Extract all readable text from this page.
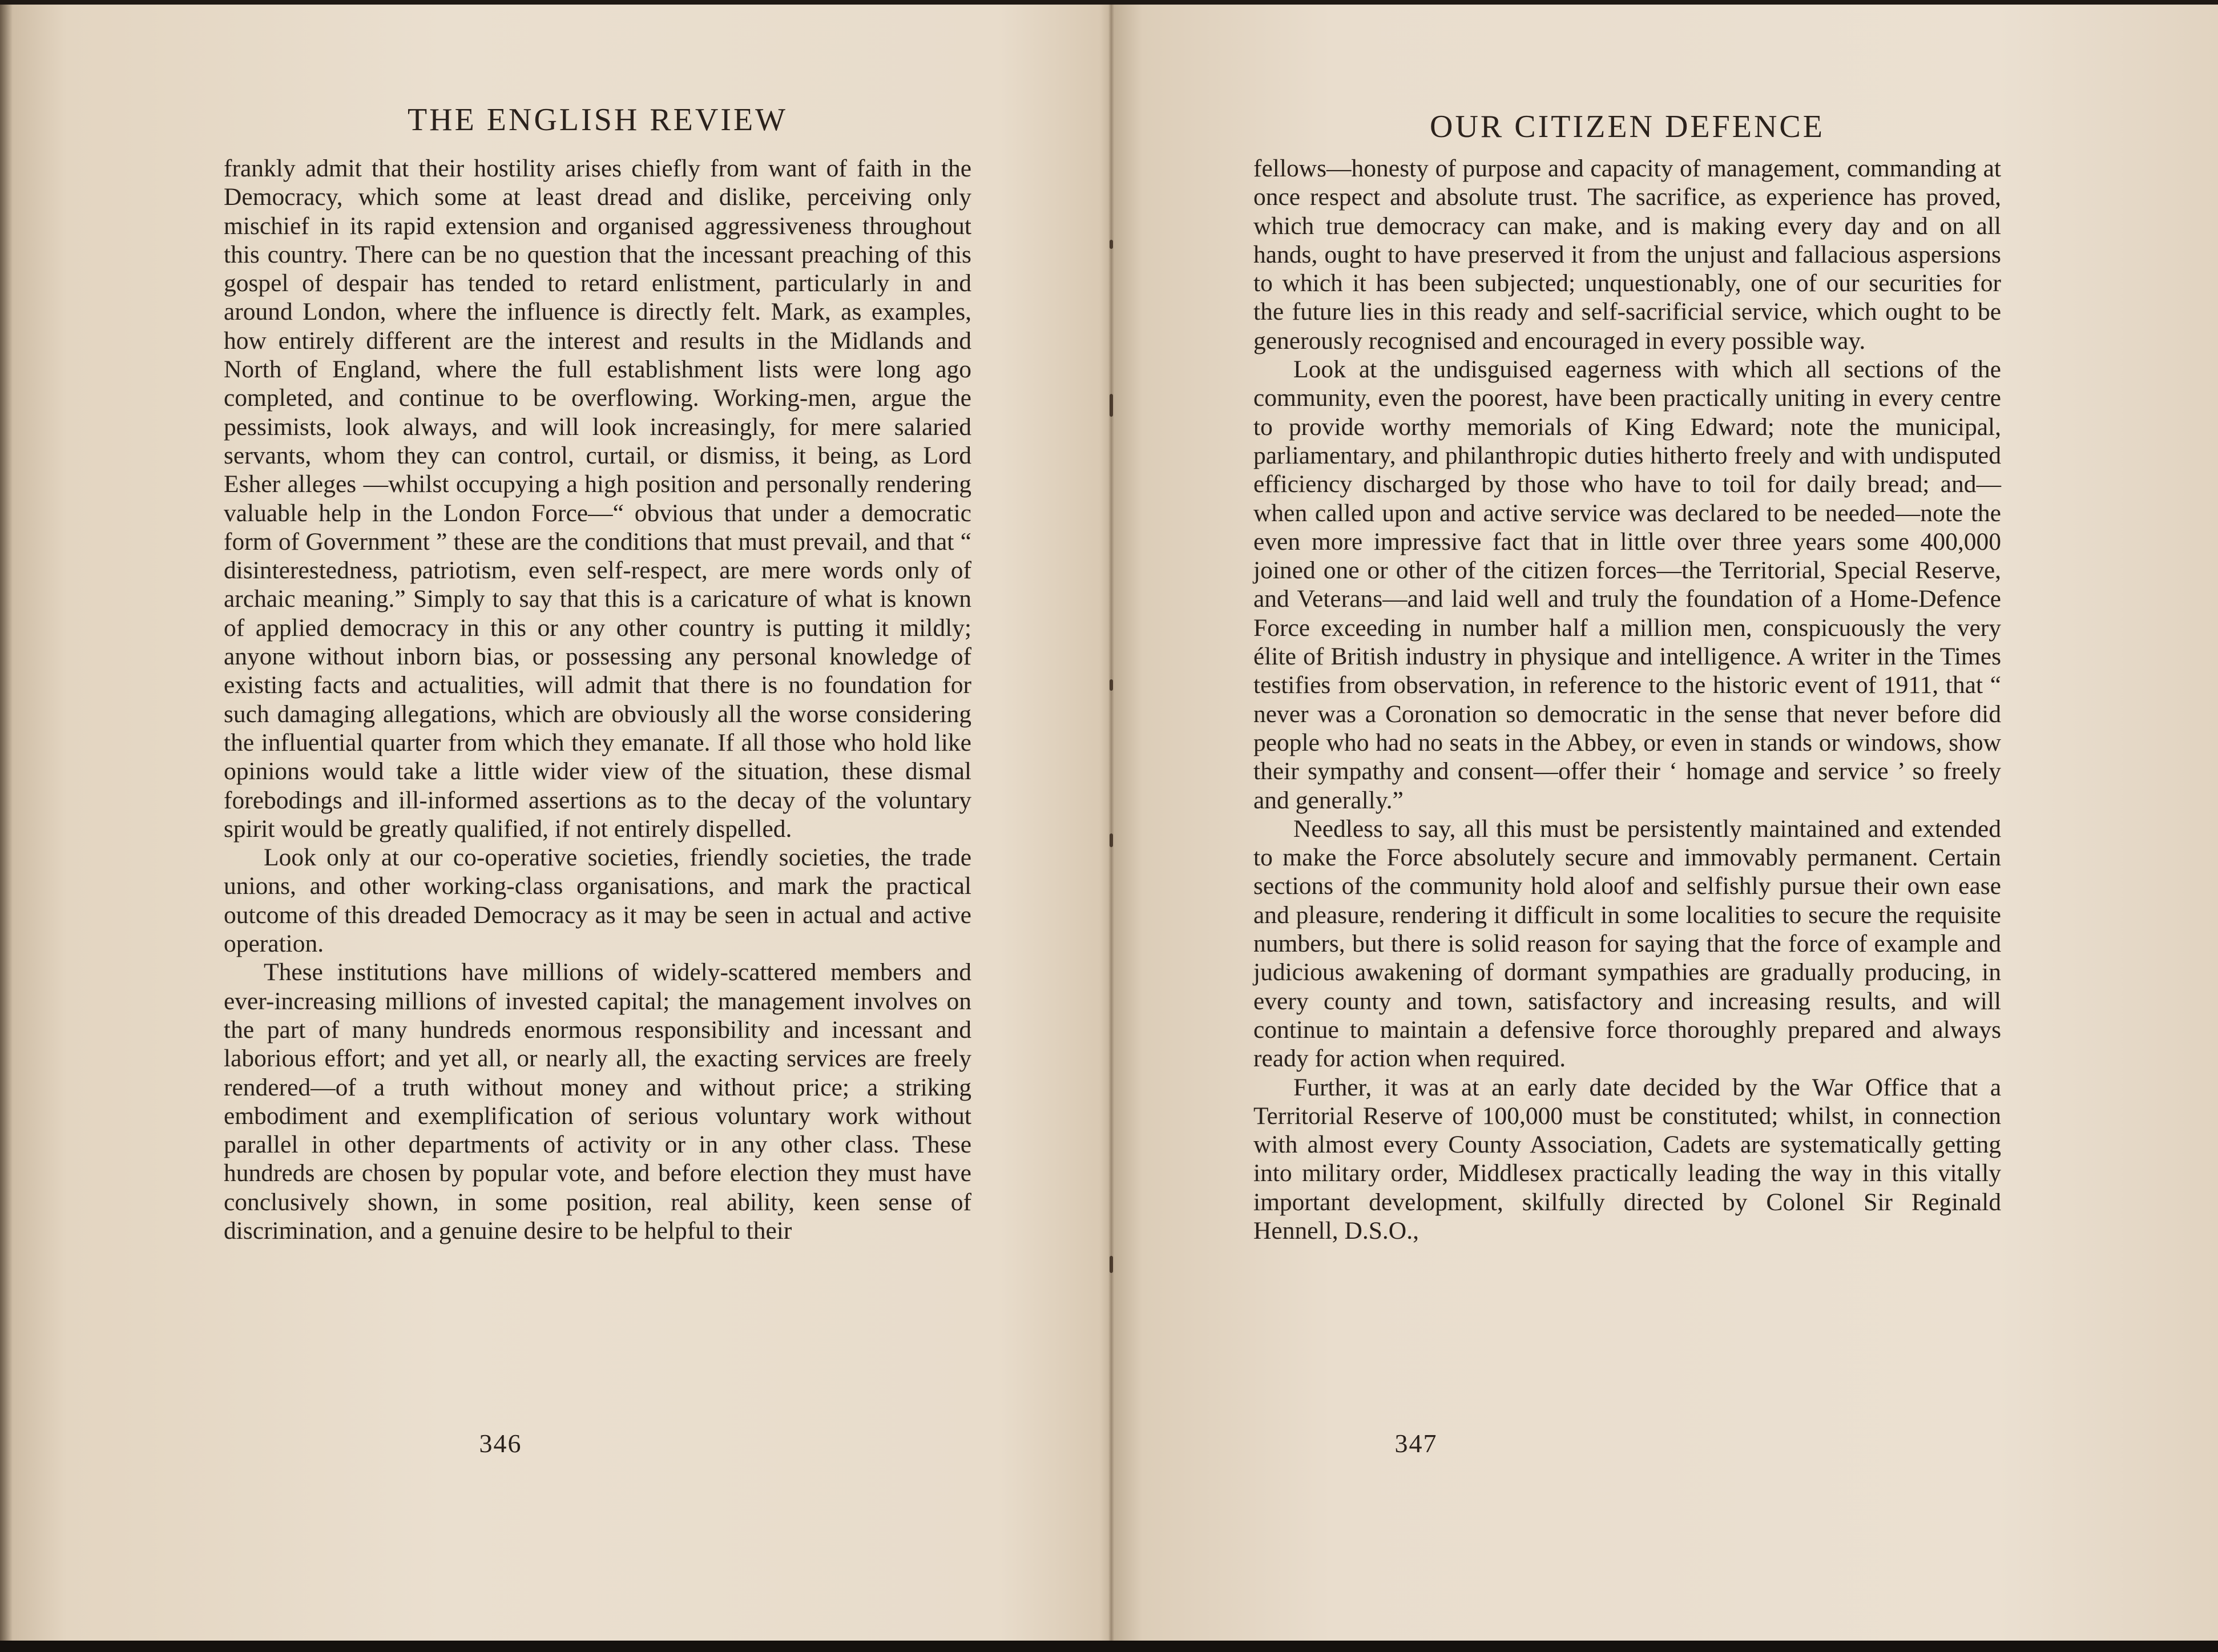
THE ENGLISH REVIEW

frankly admit that their hostility arises chiefly from want of faith in the Democracy, which some at least dread and dislike, perceiving only mischief in its rapid extension and organised aggressiveness throughout this country. There can be no question that the incessant preaching of this gospel of despair has tended to retard enlistment, particularly in and around London, where the influence is directly felt. Mark, as examples, how entirely different are the interest and results in the Midlands and North of England, where the full establishment lists were long ago completed, and continue to be overflowing. Working-men, argue the pessimists, look always, and will look increasingly, for mere salaried servants, whom they can control, curtail, or dismiss, it being, as Lord Esher alleges —whilst occupying a high position and personally rendering valuable help in the London Force—“ obvious that under a democratic form of Government ” these are the conditions that must prevail, and that “ disinterestedness, patriotism, even self-respect, are mere words only of archaic meaning.” Simply to say that this is a caricature of what is known of applied democracy in this or any other country is putting it mildly; anyone without inborn bias, or possessing any personal knowledge of existing facts and actualities, will admit that there is no foundation for such damaging allegations, which are obviously all the worse considering the influential quarter from which they emanate. If all those who hold like opinions would take a little wider view of the situation, these dismal forebodings and ill-informed assertions as to the decay of the voluntary spirit would be greatly qualified, if not entirely dispelled.

Look only at our co-operative societies, friendly societies, the trade unions, and other working-class organisations, and mark the practical outcome of this dreaded Democracy as it may be seen in actual and active operation.

These institutions have millions of widely-scattered members and ever-increasing millions of invested capital; the management involves on the part of many hundreds enormous responsibility and incessant and laborious effort; and yet all, or nearly all, the exacting services are freely rendered—of a truth without money and without price; a striking embodiment and exemplification of serious voluntary work without parallel in other departments of activity or in any other class. These hundreds are chosen by popular vote, and before election they must have conclusively shown, in some position, real ability, keen sense of discrimination, and a genuine desire to be helpful to their

346
OUR CITIZEN DEFENCE

fellows—honesty of purpose and capacity of management, commanding at once respect and absolute trust. The sacrifice, as experience has proved, which true democracy can make, and is making every day and on all hands, ought to have preserved it from the unjust and fallacious aspersions to which it has been subjected; unquestionably, one of our securities for the future lies in this ready and self-sacrificial service, which ought to be generously recognised and encouraged in every possible way.

Look at the undisguised eagerness with which all sections of the community, even the poorest, have been practically uniting in every centre to provide worthy memorials of King Edward; note the municipal, parliamentary, and philanthropic duties hitherto freely and with undisputed efficiency discharged by those who have to toil for daily bread; and—when called upon and active service was declared to be needed—note the even more impressive fact that in little over three years some 400,000 joined one or other of the citizen forces—the Territorial, Special Reserve, and Veterans—and laid well and truly the foundation of a Home-Defence Force exceeding in number half a million men, conspicuously the very élite of British industry in physique and intelligence. A writer in the Times testifies from observation, in reference to the historic event of 1911, that “ never was a Coronation so democratic in the sense that never before did people who had no seats in the Abbey, or even in stands or windows, show their sympathy and consent—offer their ‘ homage and service ’ so freely and generally.”

Needless to say, all this must be persistently maintained and extended to make the Force absolutely secure and immovably permanent. Certain sections of the community hold aloof and selfishly pursue their own ease and pleasure, rendering it difficult in some localities to secure the requisite numbers, but there is solid reason for saying that the force of example and judicious awakening of dormant sympathies are gradually producing, in every county and town, satisfactory and increasing results, and will continue to maintain a defensive force thoroughly prepared and always ready for action when required.

Further, it was at an early date decided by the War Office that a Territorial Reserve of 100,000 must be constituted; whilst, in connection with almost every County Association, Cadets are systematically getting into military order, Middlesex practically leading the way in this vitally important development, skilfully directed by Colonel Sir Reginald Hennell, D.S.O.,

347
